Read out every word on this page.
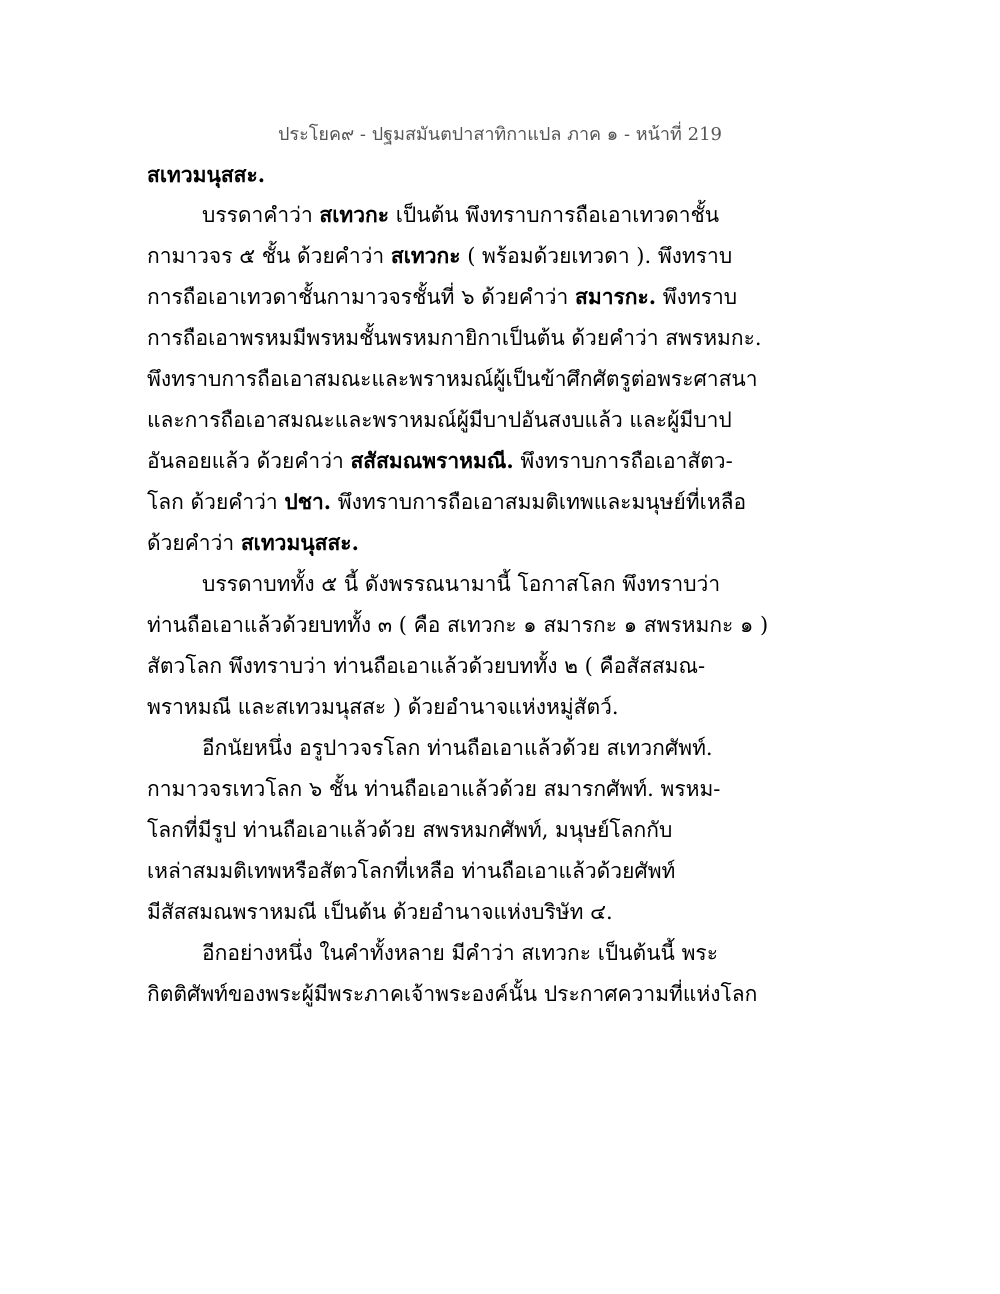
ประโยค๙ - ปฐมสมันตปาสาทิกาแปล ภาค ๑ - หน้าที่ 219
สเทวมนุสสะ.
บรรดาคำว่า สเทวกะ เป็นต้น พึงทราบการถือเอาเทวดาชั้น
กามาวจร ๕ ชั้น ด้วยคำว่า สเทวกะ ( พร้อมด้วยเทวดา ). พึงทราบ
การถือเอาเทวดาชั้นกามาวจรชั้นที่ ๖ ด้วยคำว่า สมารกะ. พึงทราบ
การถือเอาพรหมมีพรหมชั้นพรหมกายิกาเป็นต้น ด้วยคำว่า สพรหมกะ.
พึงทราบการถือเอาสมณะและพราหมณ์ผู้เป็นข้าศึกศัตรูต่อพระศาสนา
และการถือเอาสมณะและพราหมณ์ผู้มีบาปอันสงบแล้ว และผู้มีบาป
อันลอยแล้ว ด้วยคำว่า สสัสมณพราหมณี. พึงทราบการถือเอาสัตว-
โลก ด้วยคำว่า ปชา. พึงทราบการถือเอาสมมติเทพและมนุษย์ที่เหลือ
ด้วยคำว่า สเทวมนุสสะ.
บรรดาบททั้ง ๕ นี้ ดังพรรณนามานี้ โอกาสโลก พึงทราบว่า
ท่านถือเอาแล้วด้วยบททั้ง ๓ ( คือ สเทวกะ ๑ สมารกะ ๑ สพรหมกะ ๑ )
สัตวโลก พึงทราบว่า ท่านถือเอาแล้วด้วยบททั้ง ๒ ( คือสัสสมณ-
พราหมณี และสเทวมนุสสะ ) ด้วยอำนาจแห่งหมู่สัตว์.
อีกนัยหนึ่ง อรูปาวจรโลก ท่านถือเอาแล้วด้วย สเทวกศัพท์.
กามาวจรเทวโลก ๖ ชั้น ท่านถือเอาแล้วด้วย สมารกศัพท์. พรหม-
โลกที่มีรูป ท่านถือเอาแล้วด้วย สพรหมกศัพท์, มนุษย์โลกกับ
เหล่าสมมติเทพหรือสัตวโลกที่เหลือ ท่านถือเอาแล้วด้วยศัพท์
มีสัสสมณพราหมณี เป็นต้น ด้วยอำนาจแห่งบริษัท ๔.
อีกอย่างหนึ่ง ในคำทั้งหลาย มีคำว่า สเทวกะ เป็นต้นนี้ พระ
กิตติศัพท์ของพระผู้มีพระภาคเจ้าพระองค์นั้น ประกาศความที่แห่งโลก
